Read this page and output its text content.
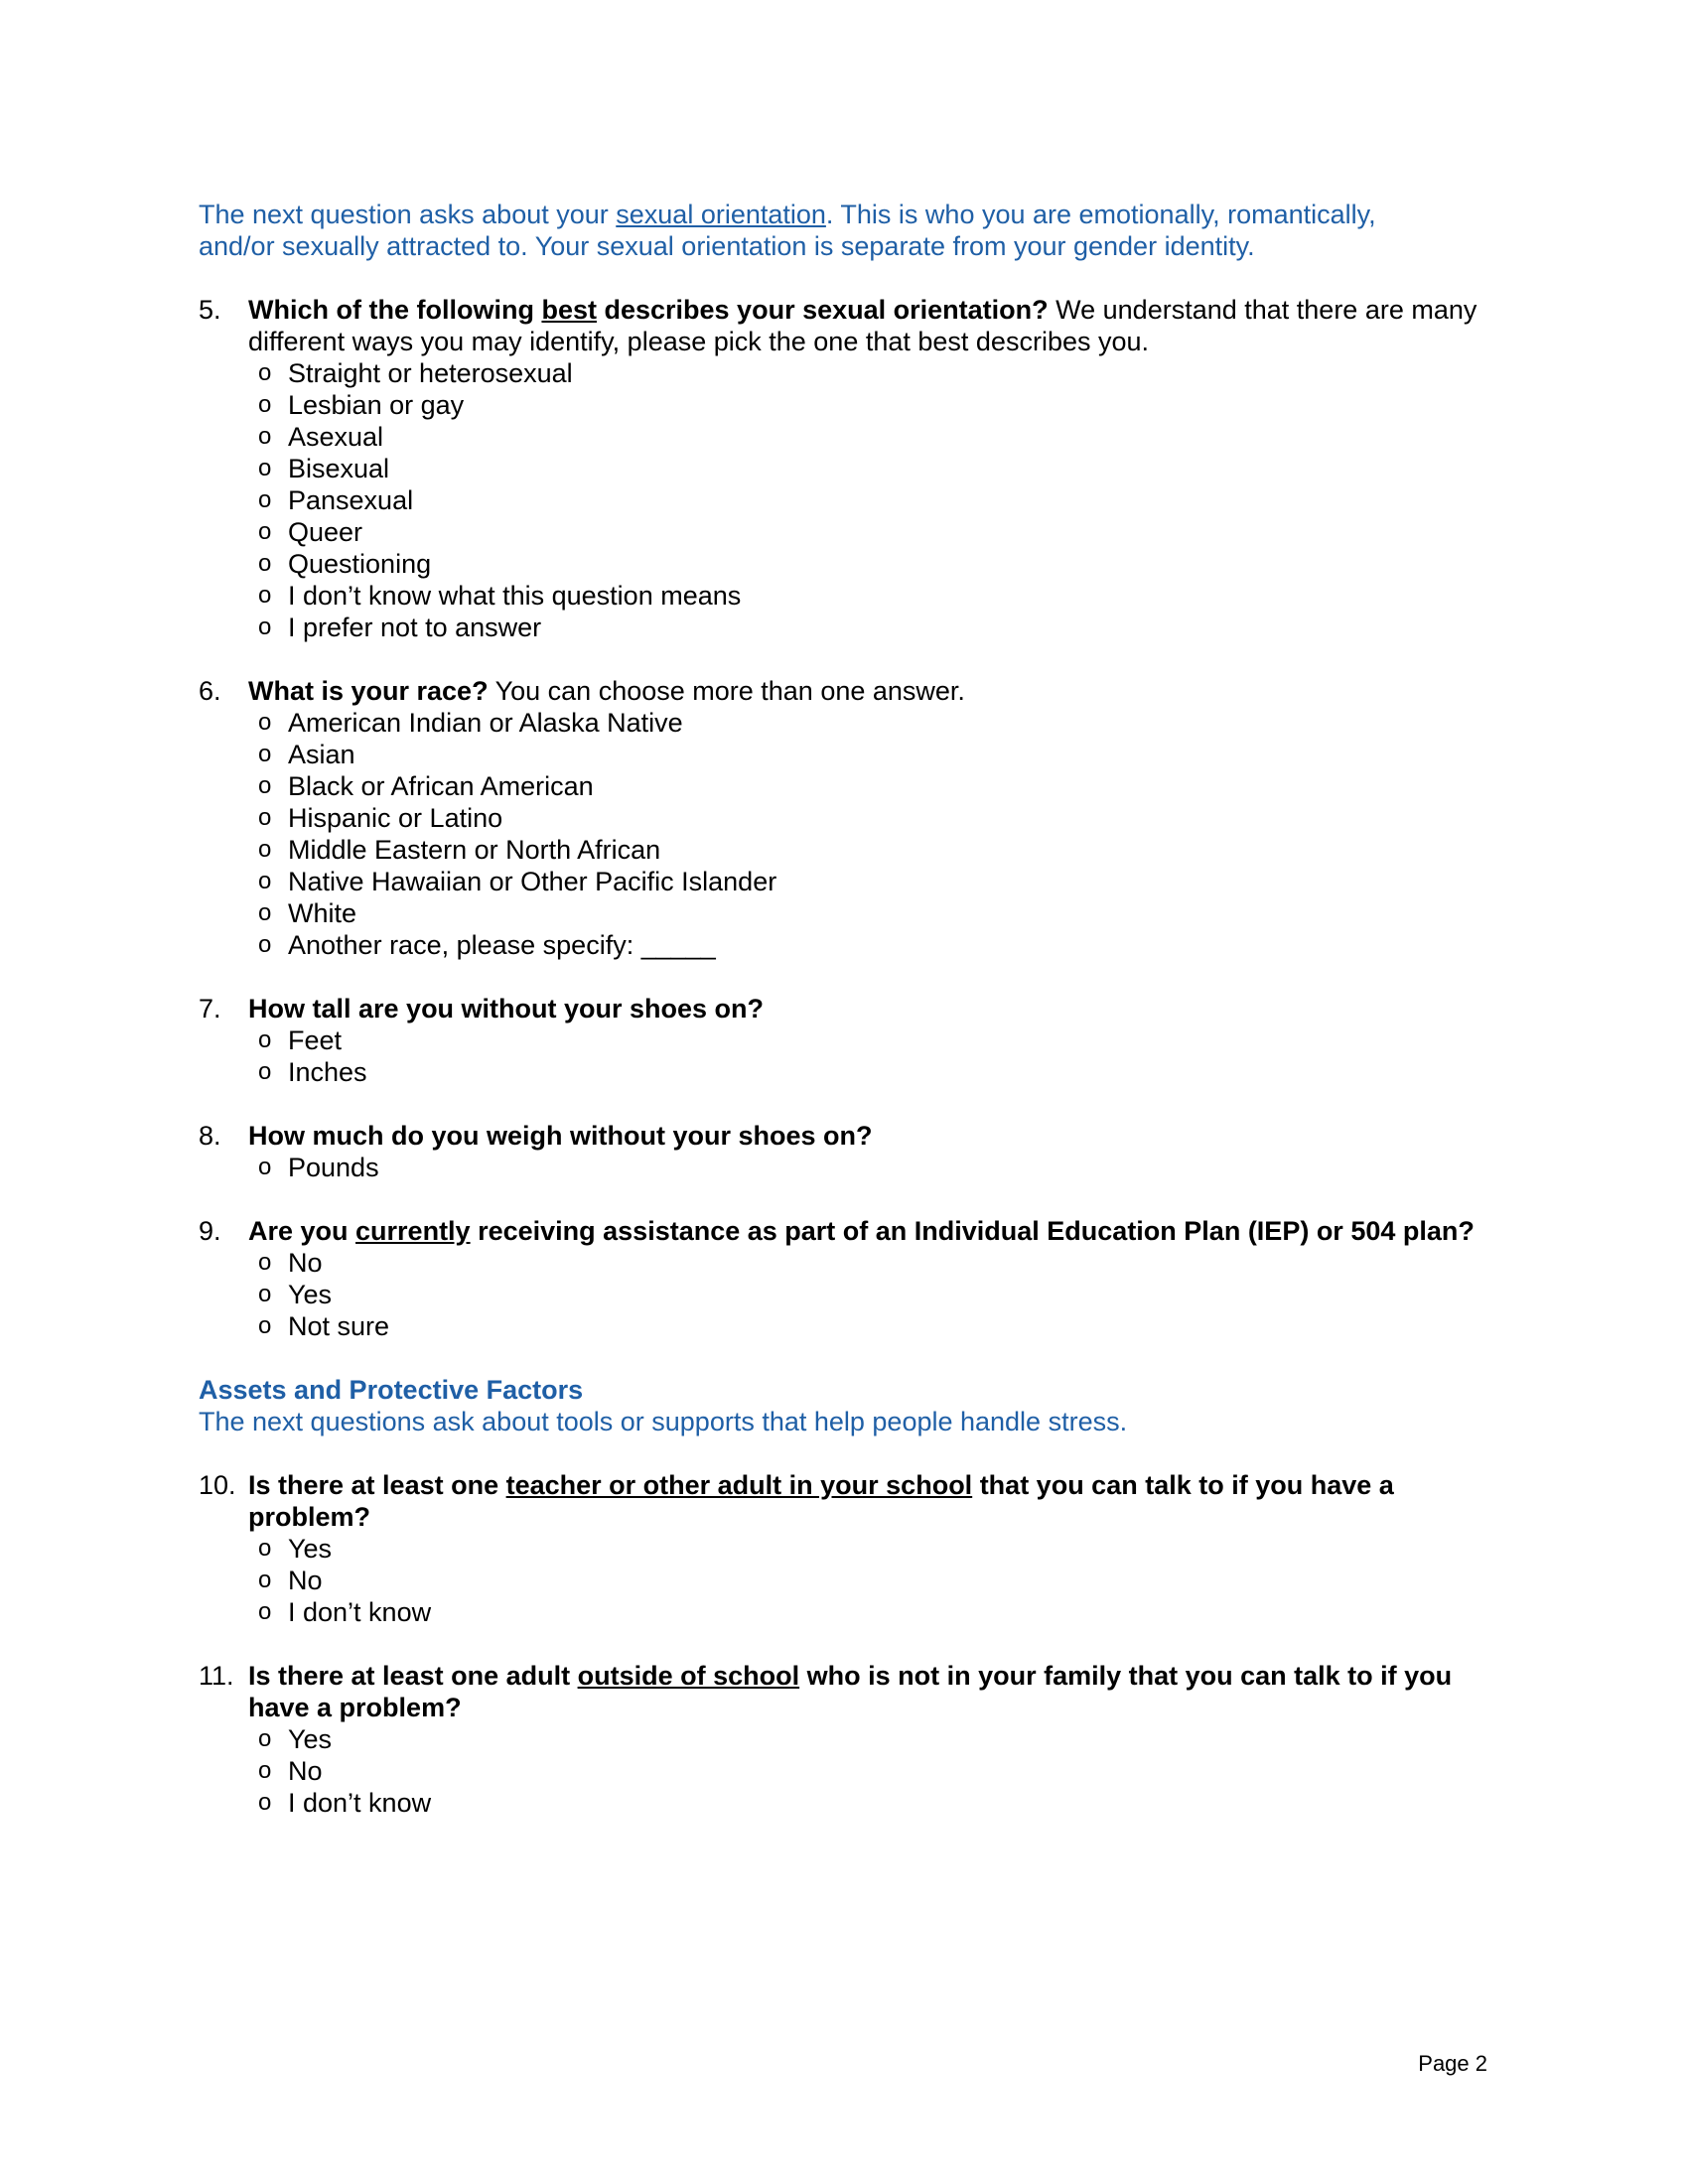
The next question asks about your sexual orientation. This is who you are emotionally, romantically,

and/or sexually attracted to. Your sexual orientation is separate from your gender identity.

5. Which of the following best describes your sexual orientation? We understand that there are many different ways you may identify, please pick the one that best describes you.

o Straight or heterosexual
o Lesbian or gay
o Asexual
o Bisexual
o Pansexual
o Queer
o Questioning
o I don’t know what this question means
o I prefer not to answer
6. What is your race? You can choose more than one answer.

o American Indian or Alaska Native
o Asian
o Black or African American
o Hispanic or Latino
o Middle Eastern or North African
o Native Hawaiian or Other Pacific Islander
o White
o Another race, please specify: _____
7. How tall are you without your shoes on?

o Feet
o Inches
8. How much do you weigh without your shoes on?

o Pounds
9. Are you currently receiving assistance as part of an Individual Education Plan (IEP) or 504 plan?

o No
o Yes
o Not sure

Assets and Protective Factors

The next questions ask about tools or supports that help people handle stress.

10. Is there at least one teacher or other adult in your school that you can talk to if you have a problem?

o Yes
o No
o I don’t know
11. Is there at least one adult outside of school who is not in your family that you can talk to if you have a problem?

o Yes
o No
o I don’t know
Page 2
